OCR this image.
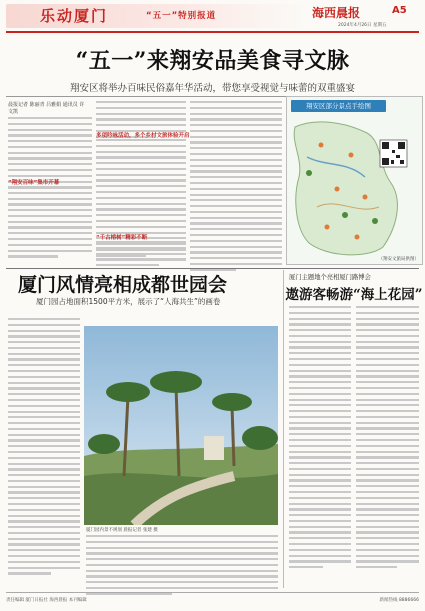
乐动厦门	“五一”特别报道	海西晨报	A5
2024年4月26日 星期五
“五一”来翔安品美食寻文脉
翔安区将举办百味民俗嘉年华活动，带您享受视觉与味蕾的双重盛宴
晨报记者 陈丽青 吕雅娟 通讯员 许文凯
“翔安百味”集市开幕
多项吟咏活动，多个乡村文旅体验开启
“千古榕树”精彩不断
翔安区部分景点手绘图
（翔安文旅局供图）
厦门风情亮相成都世园会
厦门园占地面积1500平方米，展示了“人海共生”的画卷
厦门园内景不规划 晨报记者 张建 摄
厦门主题地个亮相厦门路博会
遨游客畅游“海上花园”
责任编辑 厦门日报社 海西晨报 本刊编辑	新闻热线 8886666
